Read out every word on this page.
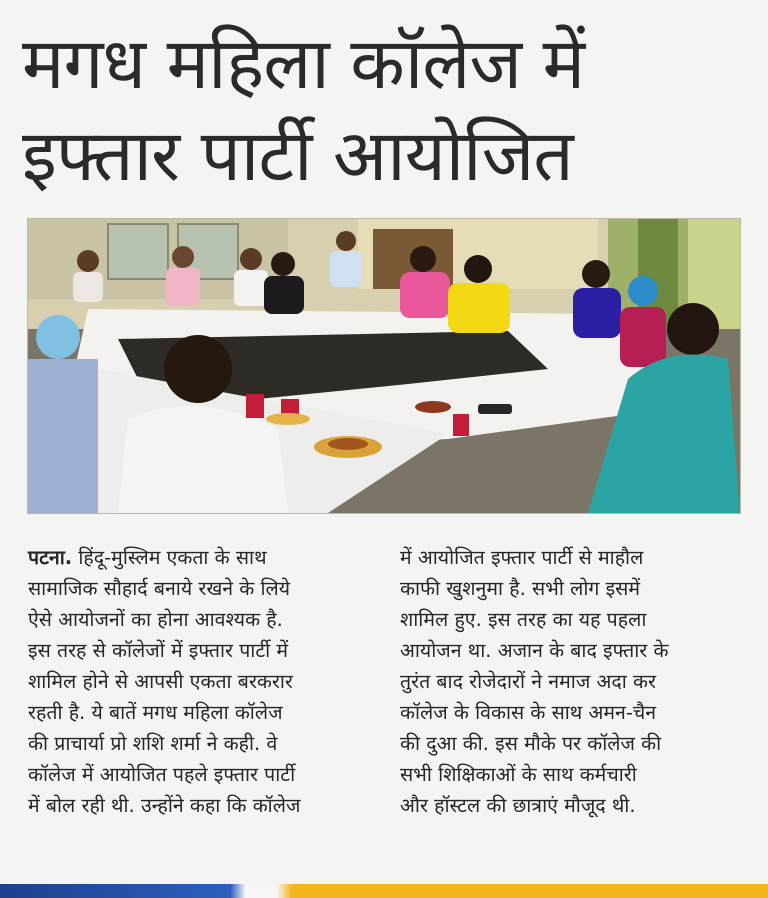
मगध महिला कॉलेज में
इफ्तार पार्टी आयोजित

पटना. हिंदू-मुस्लिम एकता के साथ

सामाजिक सौहार्द बनाये रखने के लिये

ऐसे आयोजनों का होना आवश्यक है.

इस तरह से कॉलेजों में इफ्तार पार्टी में

शामिल होने से आपसी एकता बरकरार

रहती है. ये बातें मगध महिला कॉलेज

की प्राचार्या प्रो शशि शर्मा ने कही. वे

कॉलेज में आयोजित पहले इफ्तार पार्टी

में बोल रही थी. उन्होंने कहा कि कॉलेज

में आयोजित इफ्तार पार्टी से माहौल

काफी खुशनुमा है. सभी लोग इसमें

शामिल हुए. इस तरह का यह पहला

आयोजन था. अजान के बाद इफ्तार के

तुरंत बाद रोजेदारों ने नमाज अदा कर

कॉलेज के विकास के साथ अमन-चैन

की दुआ की. इस मौके पर कॉलेज की

सभी शिक्षिकाओं के साथ कर्मचारी

और हॉस्टल की छात्राएं मौजूद थी.
